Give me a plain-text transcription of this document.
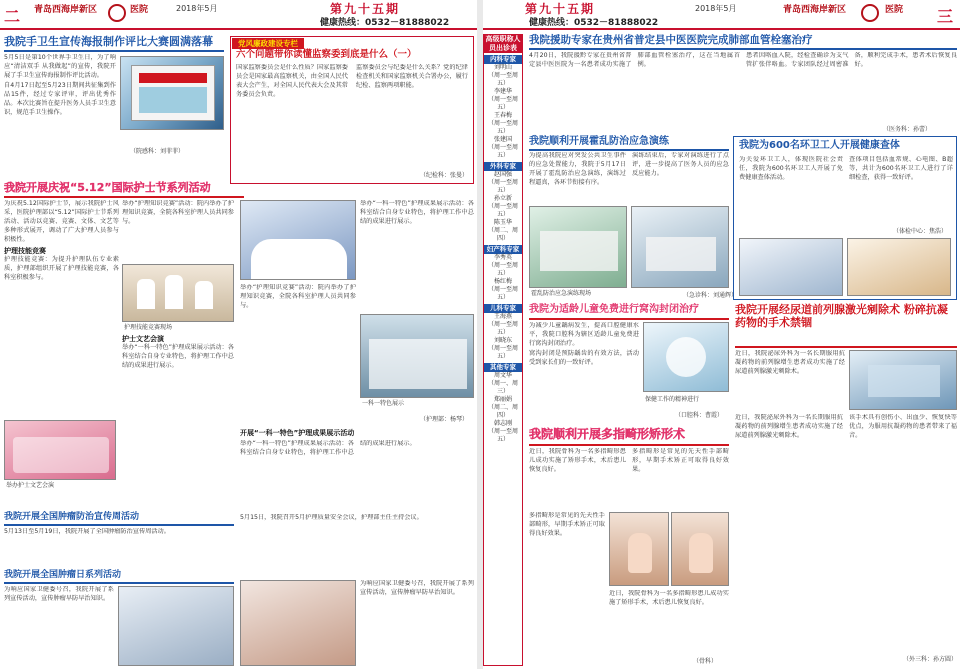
二 青岛西海岸新区	医院	2018年5月	第九十五期
健康热线：0532－81888022
我院手卫生宣传海报制作评比大赛圆满落幕
5月5日是第10个世界手卫生日，为了响应“清洁双手 从我做起”的宣传，我院开展了手卫生宣传海报制作评比活动。
自4月17日起至5月23日期间共征集到作品15件，经过专家评审，评出优秀作品。本次比赛旨在提升医务人员手卫生意识，规范手卫生操作。
（院感科：刘菲菲）
党风廉政建设专栏
六个问题带你读懂监察委到底是什么（一）
国家监察委员会是什么性质？国家监察委员会是国家最高监察机关，由全国人民代表大会产生，对全国人民代表大会及其常务委员会负责。
监察委员会与纪委是什么关系？党的纪律检查机关和国家监察机关合署办公，履行纪检、监察两项职能。
（纪检科：张曼）
我院开展庆祝“5.12”国际护士节系列活动
为庆祝5.12国际护士节，展示我院护士风采，医院护理部以“5.12”国际护士节系列活动、活动以竞赛、竞赛、文体、文艺等多种形式展开，调动了广大护理人员参与积极性。
护理技能竞赛
护理技能竞赛：为提升护理队伍专业素质，护理部组织开展了护理技能竞赛，各科室积极参与。
举办“护理知识竞赛”活动：院内举办了护理知识竞赛，全院各科室护理人员共同参与。
护理技能竞赛现场
护士文艺会演
举办“一科一特色”护理成果展示活动：各科室结合自身专业特色，将护理工作中总结的成果进行展示。
举办护士文艺会演
举办“护理知识竞赛”活动：院内举办了护理知识竞赛，全院各科室护理人员共同参与。
举办“一科一特色”护理成果展示活动：各科室结合自身专业特色，将护理工作中总结的成果进行展示。
一科一特色展示
（护理部：杨琴）
开展“一科一特色”护理成果展示活动
举办“一科一特色”护理成果展示活动：各科室结合自身专业特色，将护理工作中总结的成果进行展示。
我院开展全国肿瘤防治宣传周活动
5月13日至5月19日，我院开展了全国肿瘤防治宣传周活动。
5月15日，我院召开5月护理质量安全会议，护理部主任主持会议。
我院开展全国肿瘤日系列活动
为响应国家卫健委号召，我院开展了系列宣传活动，宣传肿瘤早防早治知识。
为响应国家卫健委号召，我院开展了系列宣传活动，宣传肿瘤早防早治知识。
第九十五期
健康热线：0532－81888022
2018年5月	青岛西海岸新区	医院 三
高级职称人员出诊表
内科专家
刘明山
（周一至周五）
李建华
（周一至周五）
王春梅
（周一至周五）
张建国
（周一至周五）
外科专家
赵国强
（周一至周五）
孙立新
（周一至周五）
陈玉华
（周二、周四）
妇产科专家
李秀英
（周一至周五）
杨红梅
（周一至周五）
儿科专家
王海燕
（周一至周五）
刘晓东
（周一至周五）
其他专家
周文华
（周一、周三）
郑丽娟
（周二、周四）
韩志刚
（周一至周五）
我院援助专家在贵州省普定县中医医院完成肺部血管栓塞治疗
4月20日，我院援黔专家在贵州省普定县中医医院为一名患者成功实施了肺部血管栓塞治疗，这在当地属首例。
患者因咯血入院，经检查确诊为支气管扩张伴咯血。专家团队经过周密准备，顺利完成手术，患者术后恢复良好。
（医务科：孙蕾）
我院顺利开展霍乱防治应急演练
为提高我院应对突发公共卫生事件的应急处置能力，我院于5月17日开展了霍乱防治应急演练，演练过程逼真，各环节衔接有序。
演练结束后，专家对演练进行了点评，进一步提高了医务人员的应急反应能力。
霍乱防治应急演练现场	（急诊科：刘通辉）
我院为600名环卫工人开展健康查体
为关爱环卫工人，体现医院社会责任，我院为600名环卫工人开展了免费健康查体活动。
查体项目包括血常规、心电图、B超等，共计为600名环卫工人进行了详细检查，获得一致好评。
（体检中心：焦浩）
我院为适龄儿童免费进行窝沟封闭治疗
为减少儿童龋病发生，提高口腔健康水平，我院口腔科为辖区适龄儿童免费进行窝沟封闭治疗。
窝沟封闭是预防龋齿的有效方法，活动受到家长们的一致好评。
保健工作的精神进行
（口腔科：曹霞）
我院开展经尿道前列腺激光剜除术 粉碎抗凝药物的手术禁锢
近日，我院泌尿外科为一名长期服用抗凝药物的前列腺增生患者成功实施了经尿道前列腺激光剜除术。
近日，我院泌尿外科为一名长期服用抗凝药物的前列腺增生患者成功实施了经尿道前列腺激光剜除术。
该手术具有创伤小、出血少、恢复快等优点，为服用抗凝药物的患者带来了福音。
（外三科：孙方圆）
我院顺利开展多指畸形矫形术
近日，我院骨科为一名多指畸形患儿成功实施了矫形手术，术后患儿恢复良好。
多指畸形是常见的先天性手部畸形，早期手术矫正可取得良好效果。
多指畸形是常见的先天性手部畸形，早期手术矫正可取得良好效果。
近日，我院骨科为一名多指畸形患儿成功实施了矫形手术，术后患儿恢复良好。
（骨科）
